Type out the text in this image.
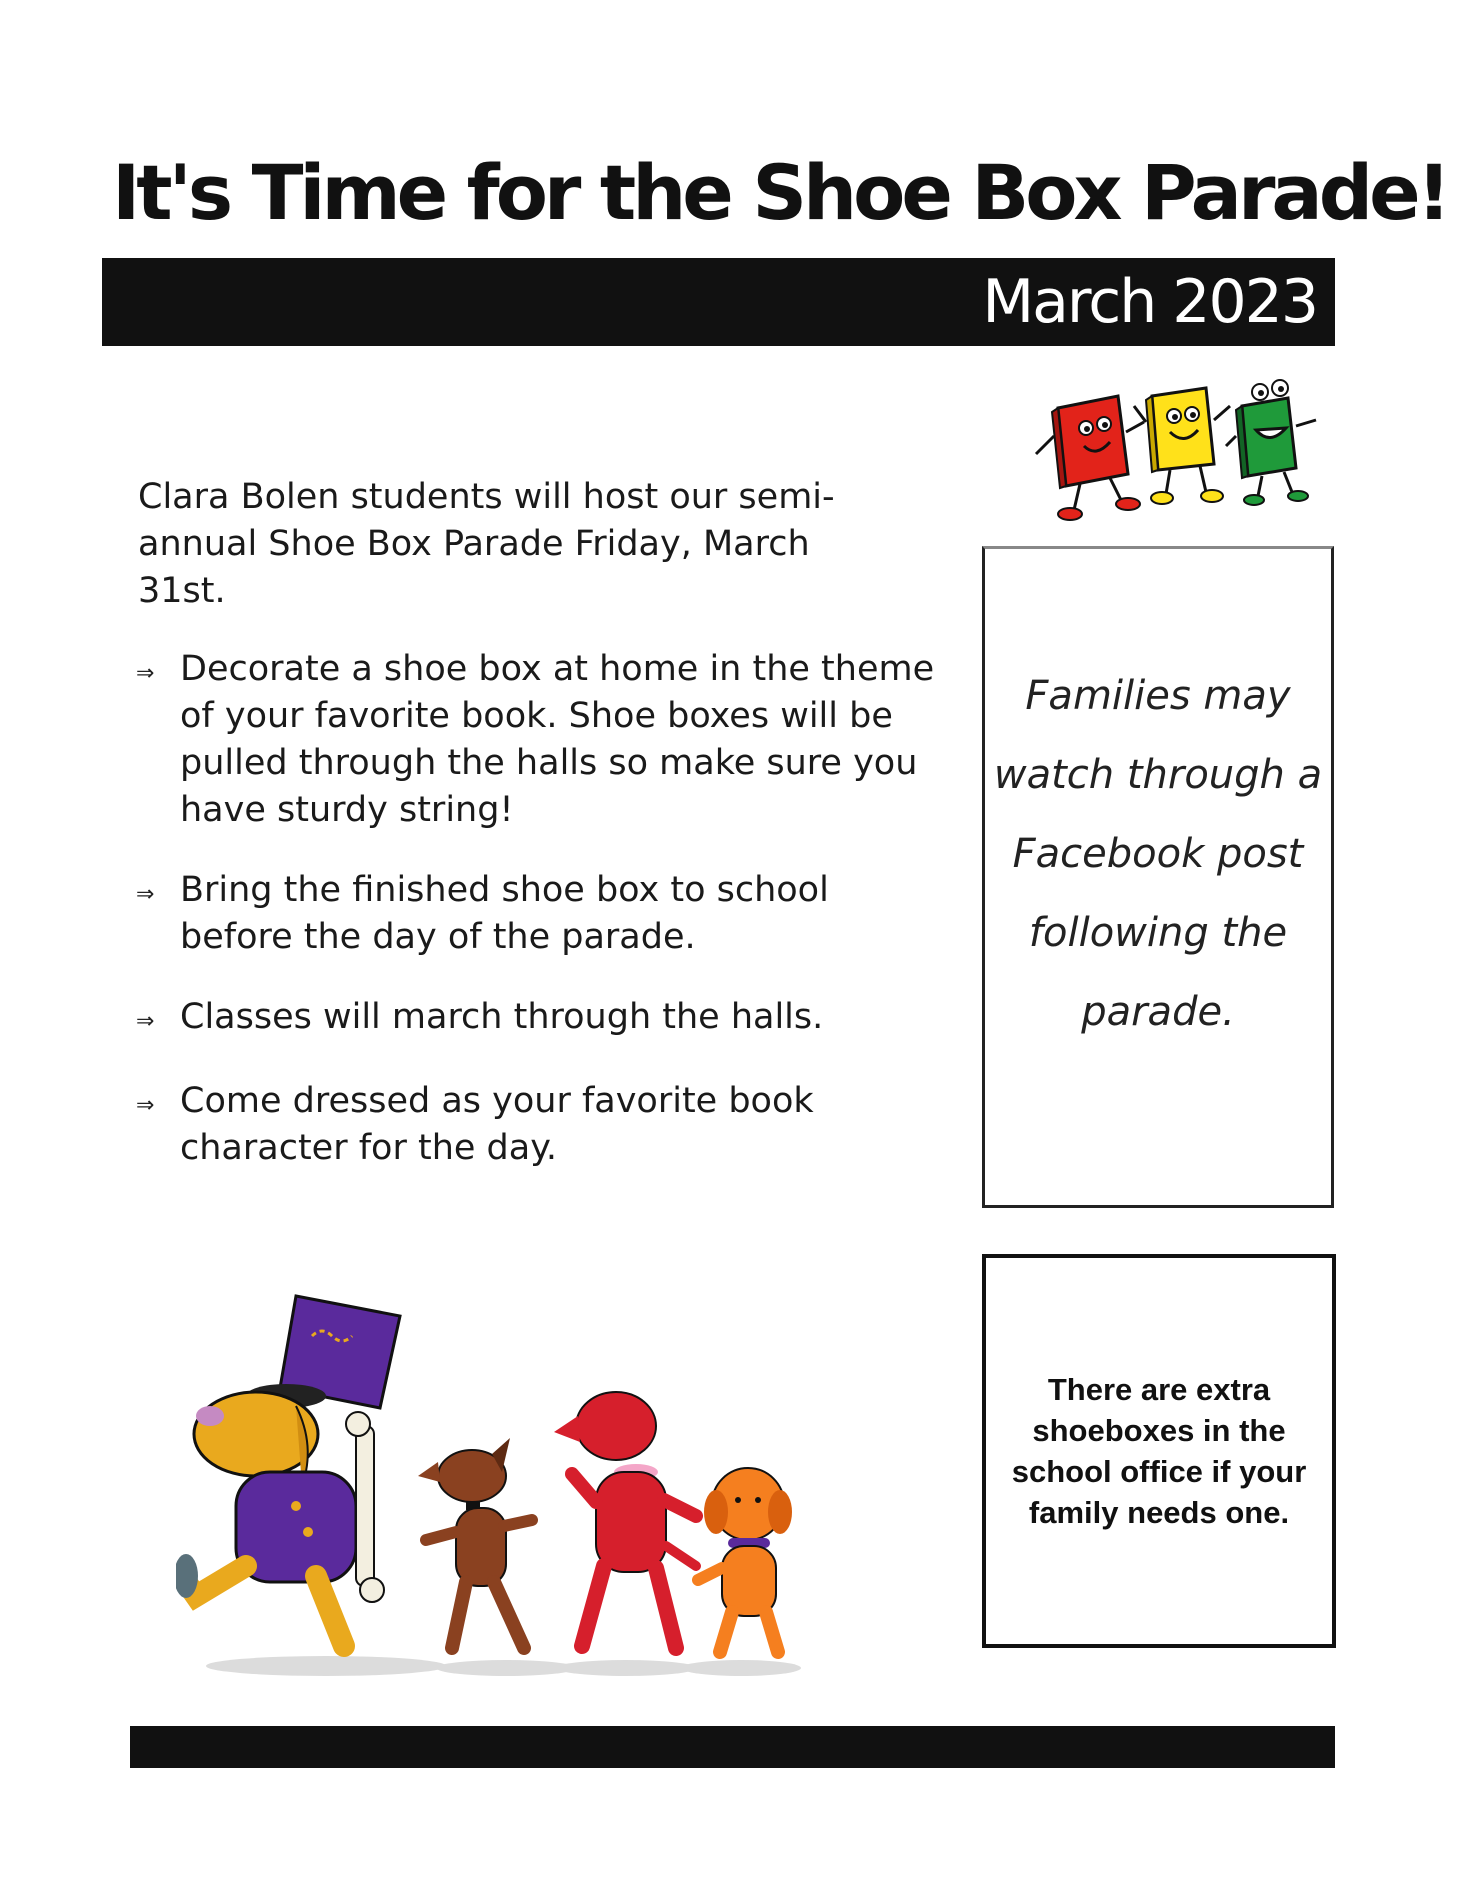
It's Time for the Shoe Box Parade!
March 2023
Clara Bolen students will host our semi-annual Shoe Box Parade Friday, March 31st.
⇒ Decorate a shoe box at home in the theme of your favorite book. Shoe boxes will be pulled through the halls so make sure you have sturdy string!
⇒ Bring the finished shoe box to school before the day of the parade.
⇒ Classes will march through the halls.
⇒ Come dressed as your favorite book character for the day.

Families may watch through a Facebook post following the parade.

There are extra shoeboxes in the school office if your family needs one.
